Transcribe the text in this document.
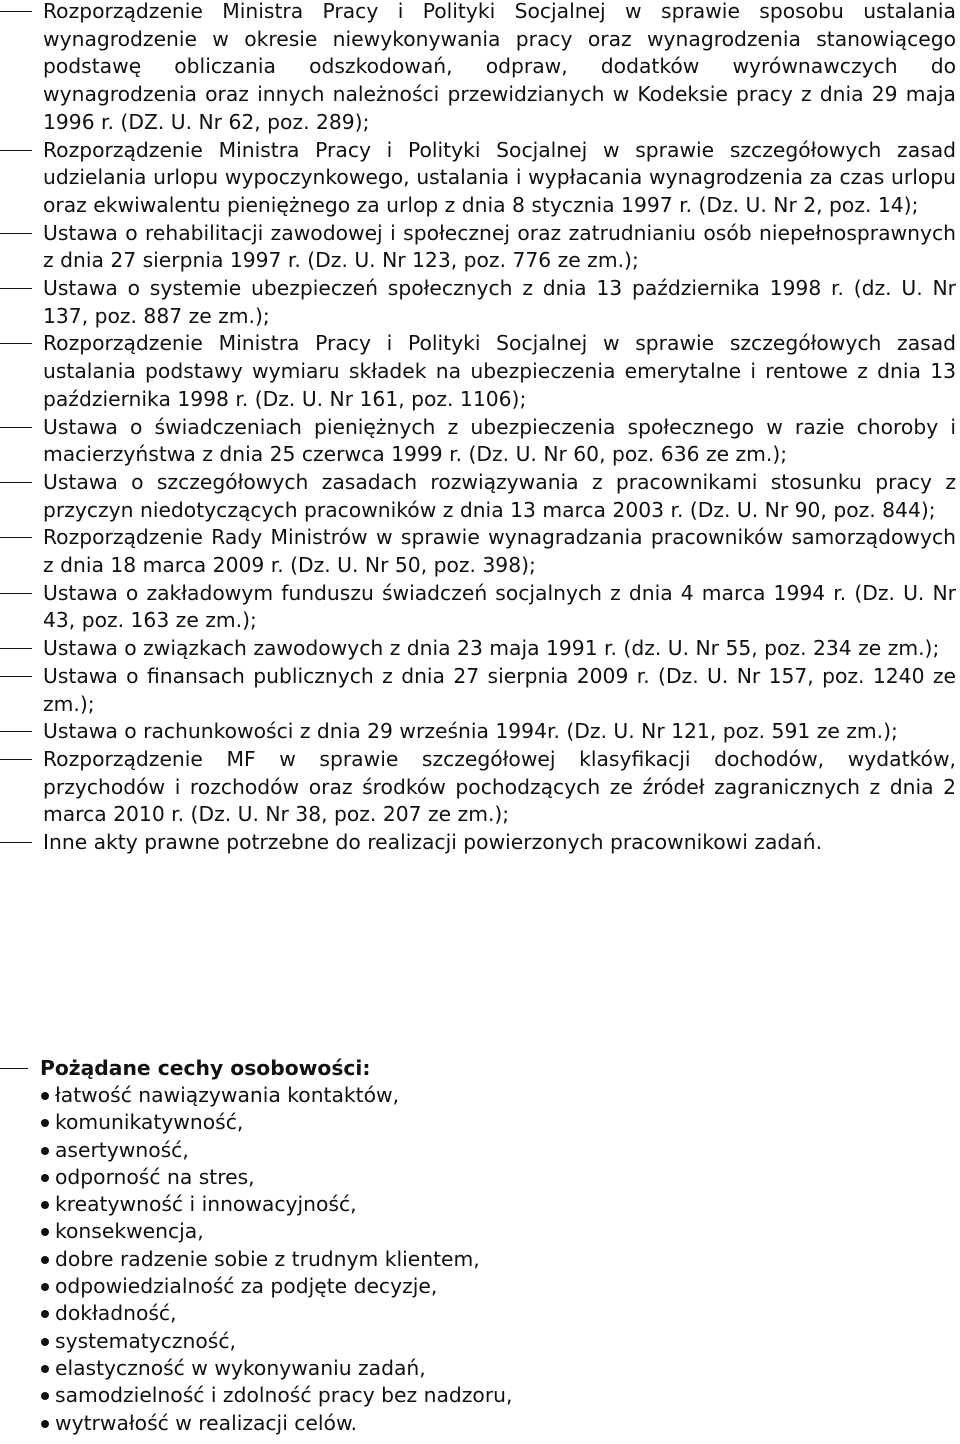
Rozporządzenie Ministra Pracy i Polityki Socjalnej w sprawie sposobu ustalania wynagrodzenie w okresie niewykonywania pracy oraz wynagrodzenia stanowiącego podstawę obliczania odszkodowań, odpraw, dodatków wyrównawczych do wynagrodzenia oraz innych należności przewidzianych w Kodeksie pracy z dnia 29 maja 1996 r. (DZ. U. Nr 62, poz. 289);
Rozporządzenie Ministra Pracy i Polityki Socjalnej w sprawie szczegółowych zasad udzielania urlopu wypoczynkowego, ustalania i wypłacania wynagrodzenia za czas urlopu oraz ekwiwalentu pieniężnego za urlop z dnia 8 stycznia 1997 r. (Dz. U. Nr 2, poz. 14);
Ustawa o rehabilitacji zawodowej i społecznej oraz zatrudnianiu osób niepełnosprawnych z dnia 27 sierpnia 1997 r. (Dz. U. Nr 123, poz. 776 ze zm.);
Ustawa o systemie ubezpieczeń społecznych z dnia 13 października 1998 r. (dz. U. Nr 137, poz. 887 ze zm.);
Rozporządzenie Ministra Pracy i Polityki Socjalnej w sprawie szczegółowych zasad ustalania podstawy wymiaru składek na ubezpieczenia emerytalne i rentowe z dnia 13 października 1998 r. (Dz. U. Nr 161, poz. 1106);
Ustawa o świadczeniach pieniężnych z ubezpieczenia społecznego w razie choroby i macierzyństwa z dnia 25 czerwca 1999 r. (Dz. U. Nr 60, poz. 636 ze zm.);
Ustawa o szczegółowych zasadach rozwiązywania z pracownikami stosunku pracy z przyczyn niedotyczących pracowników z dnia 13 marca 2003 r. (Dz. U. Nr 90, poz. 844);
Rozporządzenie Rady Ministrów w sprawie wynagradzania pracowników samorządowych z dnia 18 marca 2009 r. (Dz. U. Nr 50, poz. 398);
Ustawa o zakładowym funduszu świadczeń socjalnych z dnia 4 marca 1994 r. (Dz. U. Nr 43, poz. 163 ze zm.);
Ustawa o związkach zawodowych z dnia 23 maja 1991 r. (dz. U. Nr 55, poz. 234 ze zm.);
Ustawa o finansach publicznych z dnia 27 sierpnia 2009 r. (Dz. U. Nr 157, poz. 1240 ze zm.);
Ustawa o rachunkowości z dnia 29 września 1994r. (Dz. U. Nr 121, poz. 591 ze zm.);
Rozporządzenie MF w sprawie szczegółowej klasyfikacji dochodów, wydatków, przychodów i rozchodów oraz środków pochodzących ze źródeł zagranicznych z dnia 2 marca 2010 r. (Dz. U. Nr 38, poz. 207 ze zm.);
Inne akty prawne potrzebne do realizacji powierzonych pracownikowi zadań.
Pożądane cechy osobowości:
łatwość nawiązywania kontaktów,
komunikatywność,
asertywność,
odporność na stres,
kreatywność i innowacyjność,
konsekwencja,
dobre radzenie sobie z trudnym klientem,
odpowiedzialność za podjęte decyzje,
dokładność,
systematyczność,
elastyczność w wykonywaniu zadań,
samodzielność i zdolność pracy bez nadzoru,
wytrwałość w realizacji celów.
